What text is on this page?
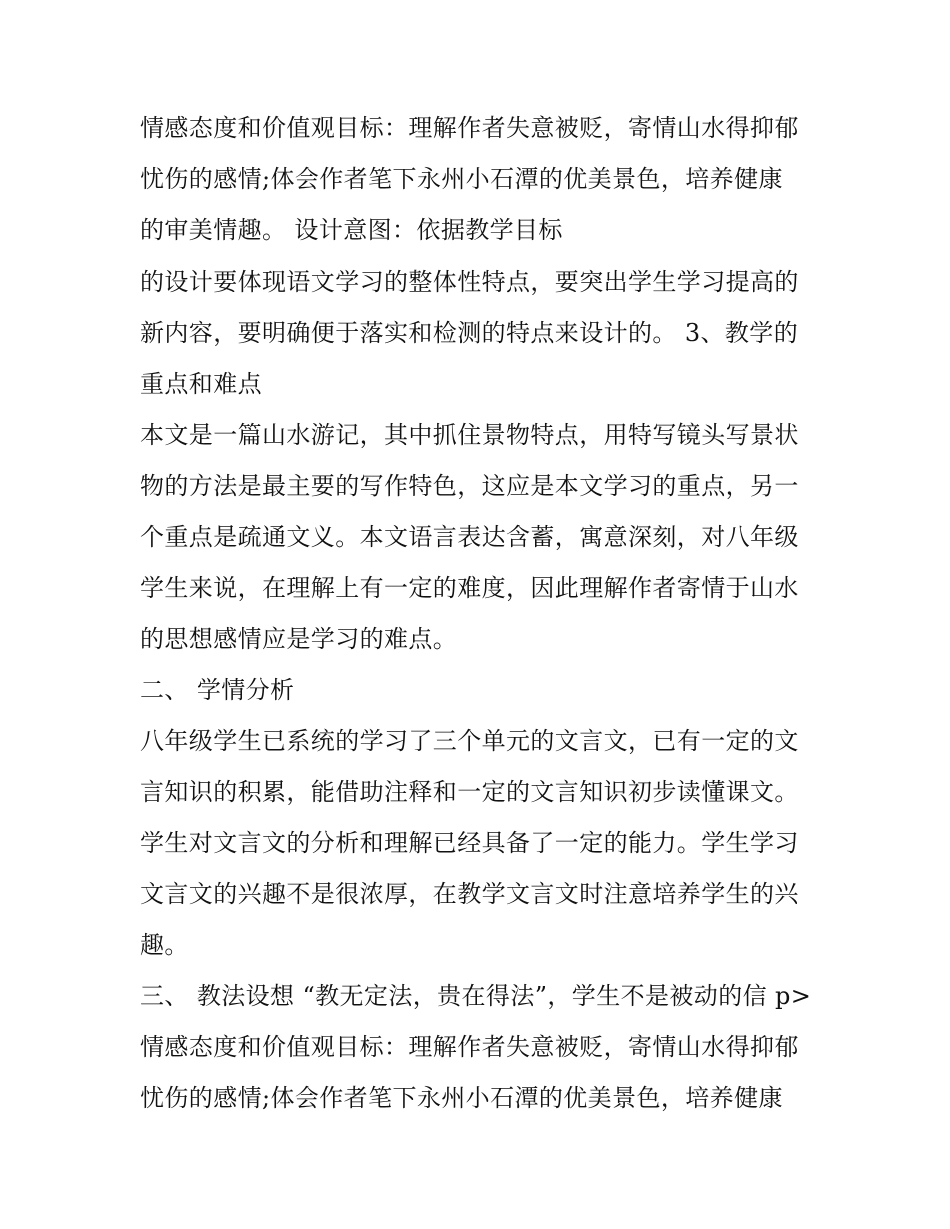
情感态度和价值观目标：理解作者失意被贬，寄情山水得抑郁
忧伤的感情;体会作者笔下永州小石潭的优美景色，培养健康
的审美情趣。 设计意图：依据教学目标
的设计要体现语文学习的整体性特点，要突出学生学习提高的
新内容，要明确便于落实和检测的特点来设计的。 3、教学的
重点和难点
本文是一篇山水游记，其中抓住景物特点，用特写镜头写景状
物的方法是最主要的写作特色，这应是本文学习的重点，另一
个重点是疏通文义。本文语言表达含蓄，寓意深刻，对八年级
学生来说，在理解上有一定的难度，因此理解作者寄情于山水
的思想感情应是学习的难点。
二、 学情分析
八年级学生已系统的学习了三个单元的文言文，已有一定的文
言知识的积累，能借助注释和一定的文言知识初步读懂课文。
学生对文言文的分析和理解已经具备了一定的能力。学生学习
文言文的兴趣不是很浓厚，在教学文言文时注意培养学生的兴
趣。
三、 教法设想 “教无定法，贵在得法”，学生不是被动的信 p>
情感态度和价值观目标：理解作者失意被贬，寄情山水得抑郁
忧伤的感情;体会作者笔下永州小石潭的优美景色，培养健康
